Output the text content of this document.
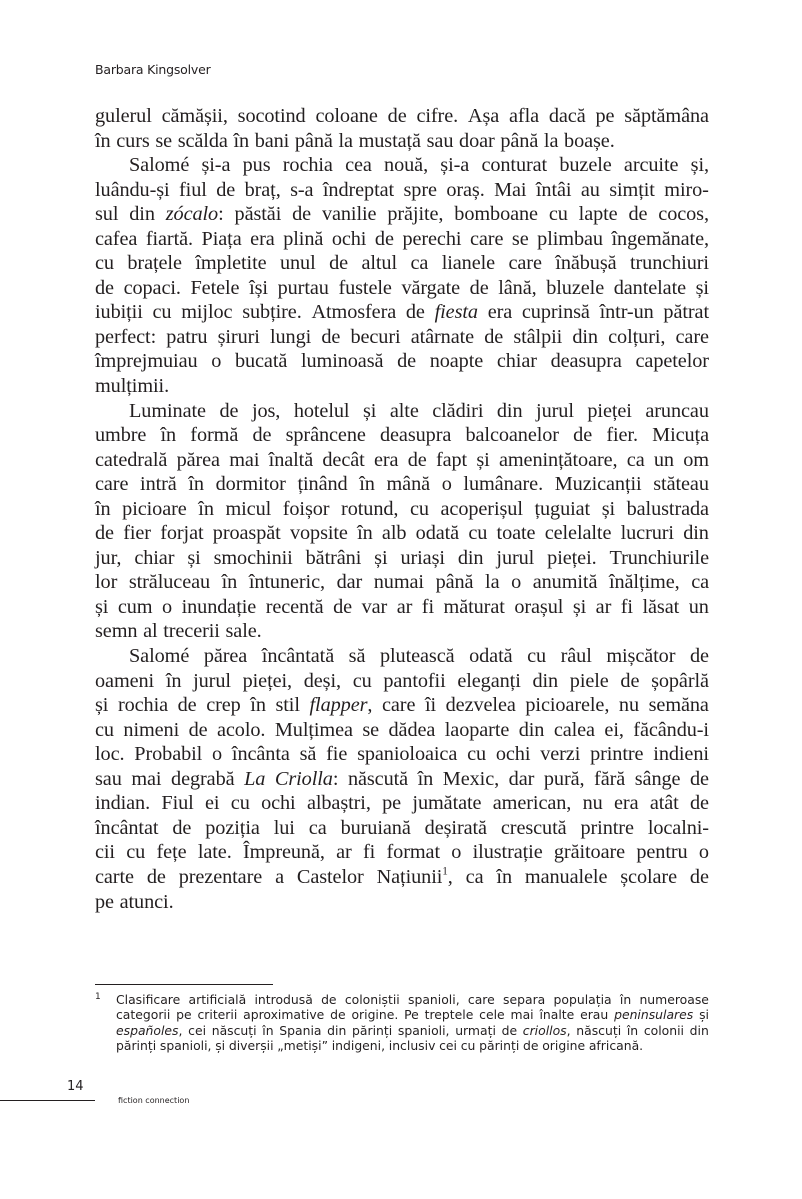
Barbara Kingsolver
gulerul cămășii, socotind coloane de cifre. Așa afla dacă pe săptămâna
în curs se scălda în bani până la mustață sau doar până la boașe.
Salomé și-a pus rochia cea nouă, și-a conturat buzele arcuite și,
luându-și fiul de braț, s-a îndreptat spre oraș. Mai întâi au simțit miro-
sul din zócalo: păstăi de vanilie prăjite, bomboane cu lapte de cocos,
cafea fiartă. Piața era plină ochi de perechi care se plimbau îngemănate,
cu brațele împletite unul de altul ca lianele care înăbușă trunchiuri
de copaci. Fetele își purtau fustele vărgate de lână, bluzele dantelate și
iubiții cu mijloc subțire. Atmosfera de fiesta era cuprinsă într-un pătrat
perfect: patru șiruri lungi de becuri atârnate de stâlpii din colțuri, care
împrejmuiau o bucată luminoasă de noapte chiar deasupra capetelor
mulțimii.
Luminate de jos, hotelul și alte clădiri din jurul pieței aruncau
umbre în formă de sprâncene deasupra balcoanelor de fier. Micuța
catedrală părea mai înaltă decât era de fapt și amenințătoare, ca un om
care intră în dormitor ținând în mână o lumânare. Muzicanții stăteau
în picioare în micul foișor rotund, cu acoperișul țuguiat și balustrada
de fier forjat proaspăt vopsite în alb odată cu toate celelalte lucruri din
jur, chiar și smochinii bătrâni și uriași din jurul pieței. Trunchiurile
lor străluceau în întuneric, dar numai până la o anumită înălțime, ca
și cum o inundație recentă de var ar fi măturat orașul și ar fi lăsat un
semn al trecerii sale.
Salomé părea încântată să plutească odată cu râul mișcător de
oameni în jurul pieței, deși, cu pantofii eleganți din piele de șopârlă
și rochia de crep în stil flapper, care îi dezvelea picioarele, nu semăna
cu nimeni de acolo. Mulțimea se dădea laoparte din calea ei, făcându-i
loc. Probabil o încânta să fie spanioloaica cu ochi verzi printre indieni
sau mai degrabă La Criolla: născută în Mexic, dar pură, fără sânge de
indian. Fiul ei cu ochi albaștri, pe jumătate american, nu era atât de
încântat de poziția lui ca buruiană deșirată crescută printre localni-
cii cu fețe late. Împreună, ar fi format o ilustrație grăitoare pentru o
carte de prezentare a Castelor Națiunii$^1$, ca în manualele școlare de
pe atunci.
1 Clasificare artificială introdusă de coloniștii spanioli, care separa populația în numeroase
categorii pe criterii aproximative de origine. Pe treptele cele mai înalte erau peninsulares și
españoles, cei născuți în Spania din părinți spanioli, urmați de criollos, născuți în colonii din
părinți spanioli, și diverșii „metiși” indigeni, inclusiv cei cu părinți de origine africană.
14
fiction connection
